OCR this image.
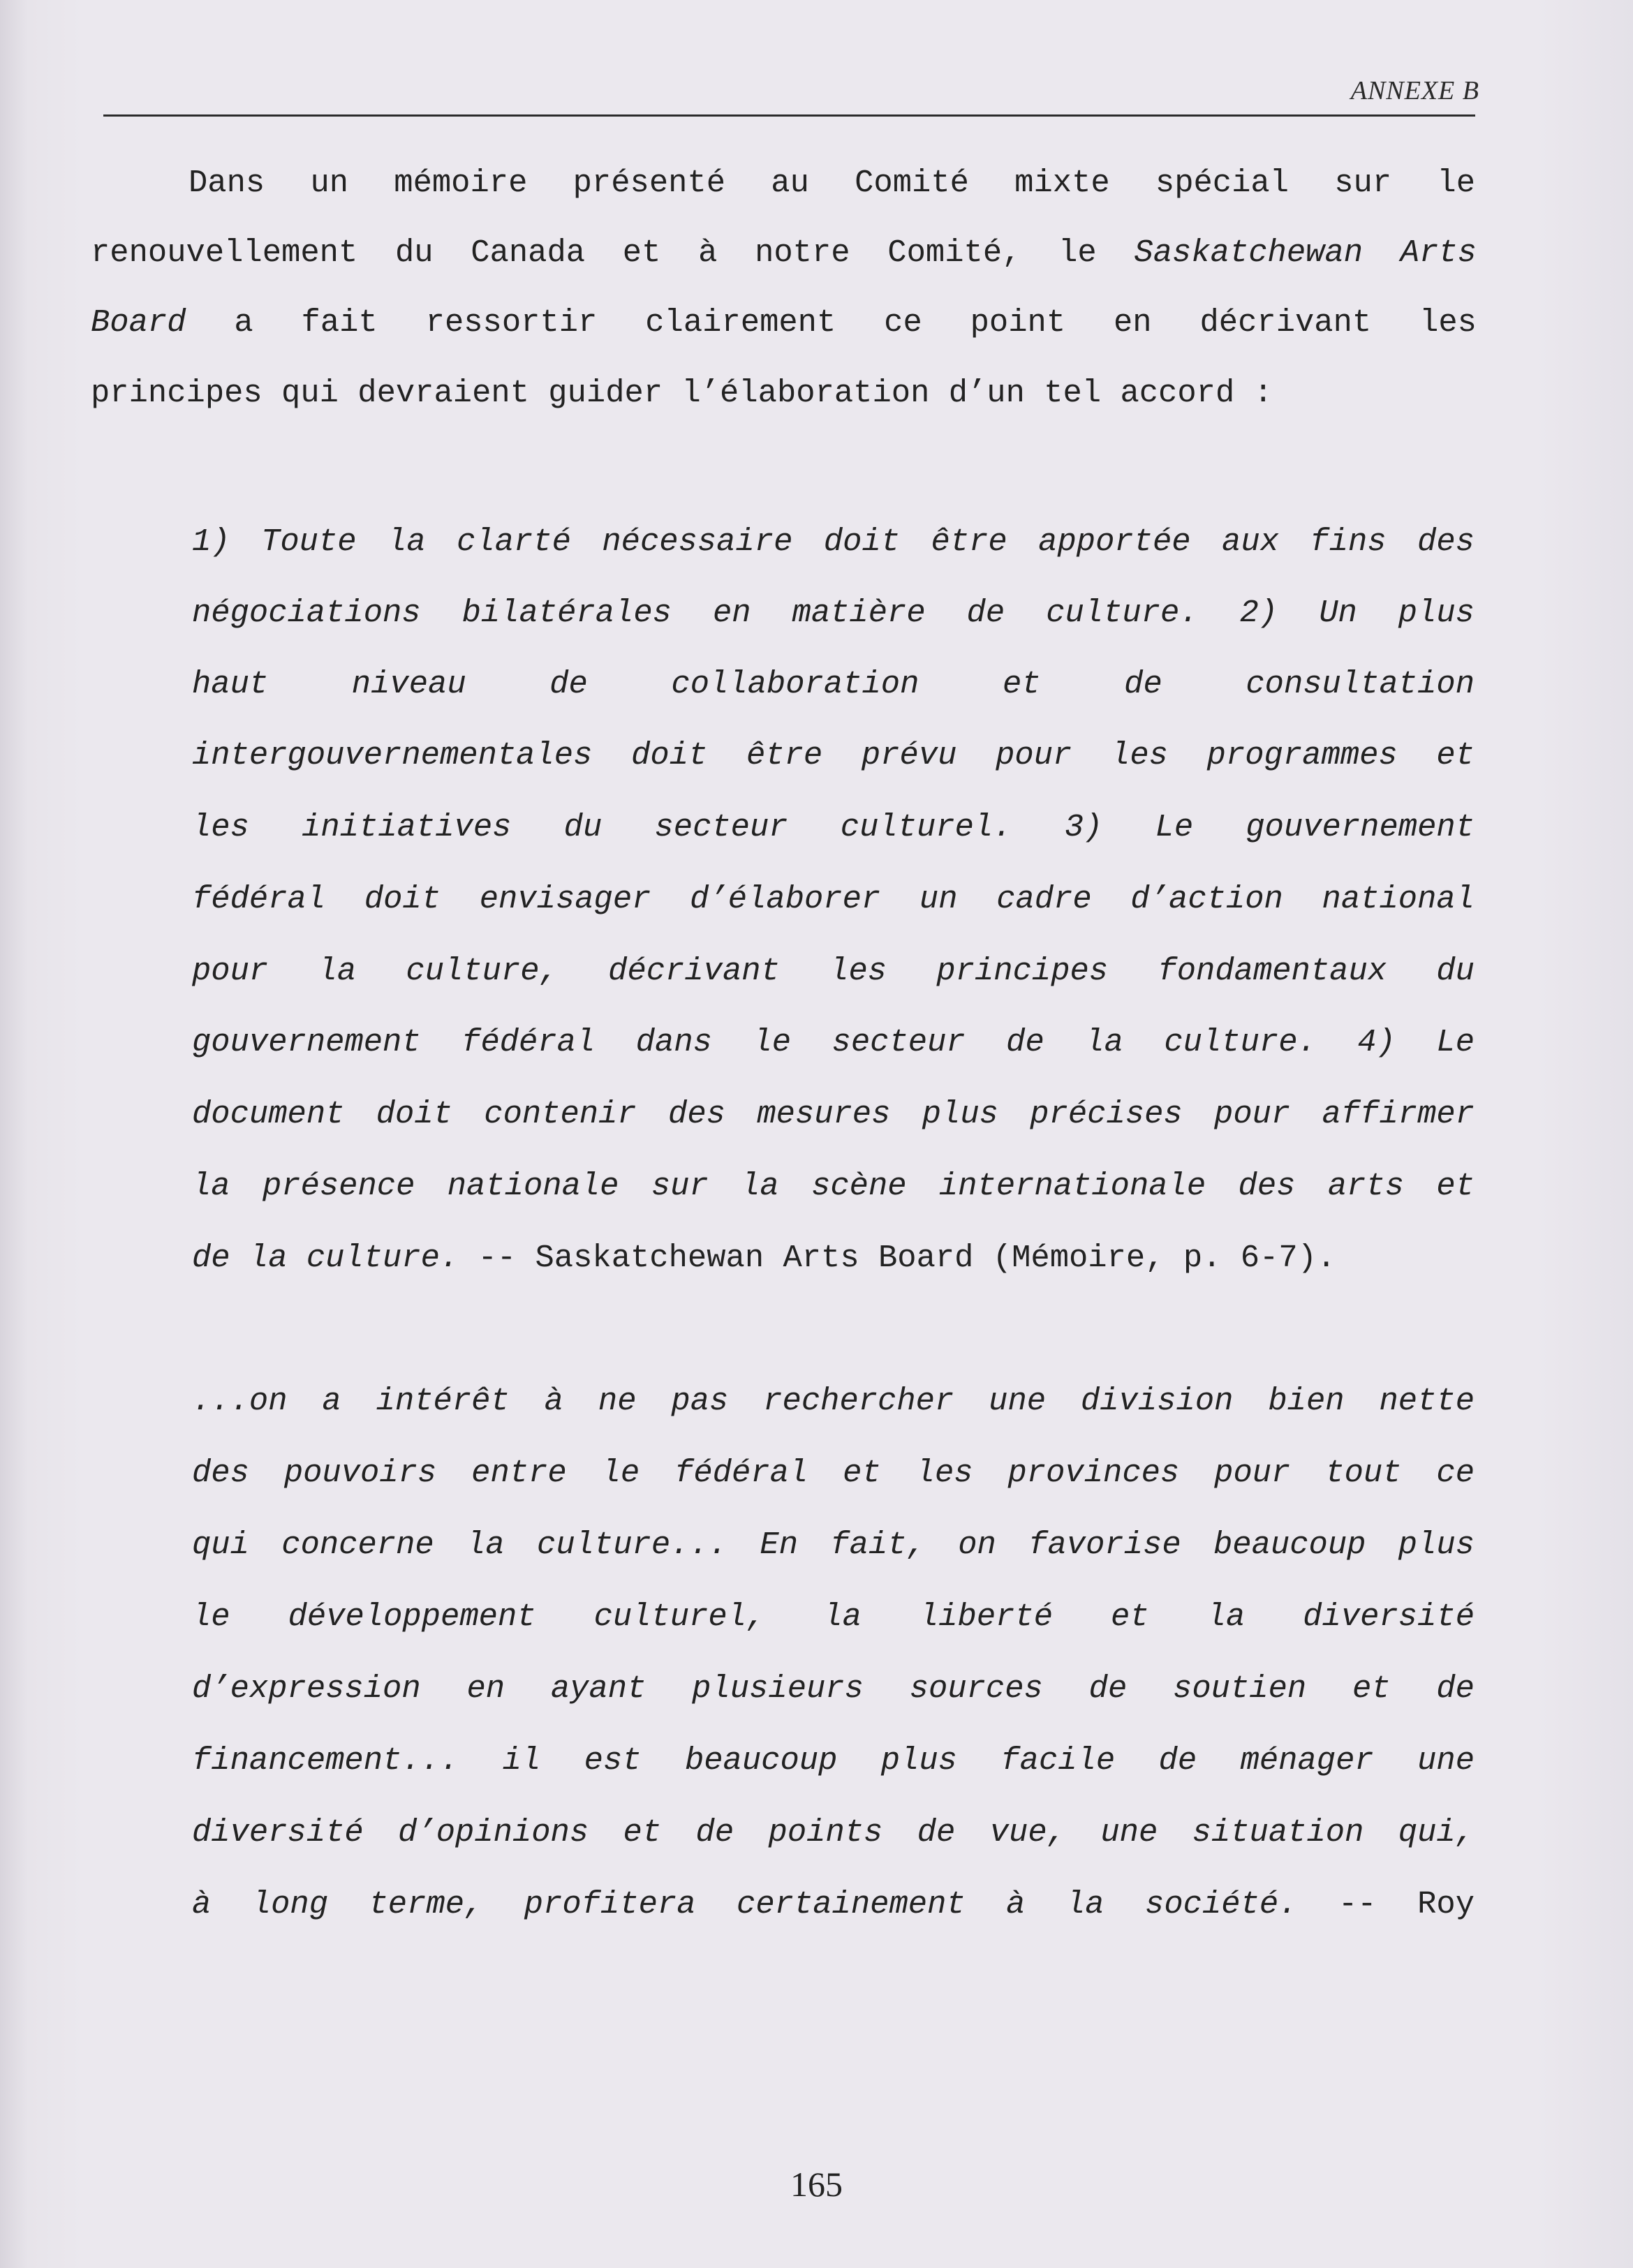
ANNEXE B
Dans un mémoire présenté au Comité mixte spécial sur le
renouvellement du Canada et à notre Comité, le Saskatchewan Arts
Board a fait ressortir clairement ce point en décrivant les
principes qui devraient guider l’élaboration d’un tel accord :
1) Toute la clarté nécessaire doit être apportée aux fins des
négociations bilatérales en matière de culture. 2) Un plus
haut niveau de collaboration et de consultation
intergouvernementales doit être prévu pour les programmes et
les initiatives du secteur culturel. 3) Le gouvernement
fédéral doit envisager d’élaborer un cadre d’action national
pour la culture, décrivant les principes fondamentaux du
gouvernement fédéral dans le secteur de la culture. 4) Le
document doit contenir des mesures plus précises pour affirmer
la présence nationale sur la scène internationale des arts et
de la culture. -- Saskatchewan Arts Board (Mémoire, p. 6-7).
...on a intérêt à ne pas rechercher une division bien nette
des pouvoirs entre le fédéral et les provinces pour tout ce
qui concerne la culture... En fait, on favorise beaucoup plus
le développement culturel, la liberté et la diversité
d’expression en ayant plusieurs sources de soutien et de
financement... il est beaucoup plus facile de ménager une
diversité d’opinions et de points de vue, une situation qui,
à long terme, profitera certainement à la société. -- Roy
165
